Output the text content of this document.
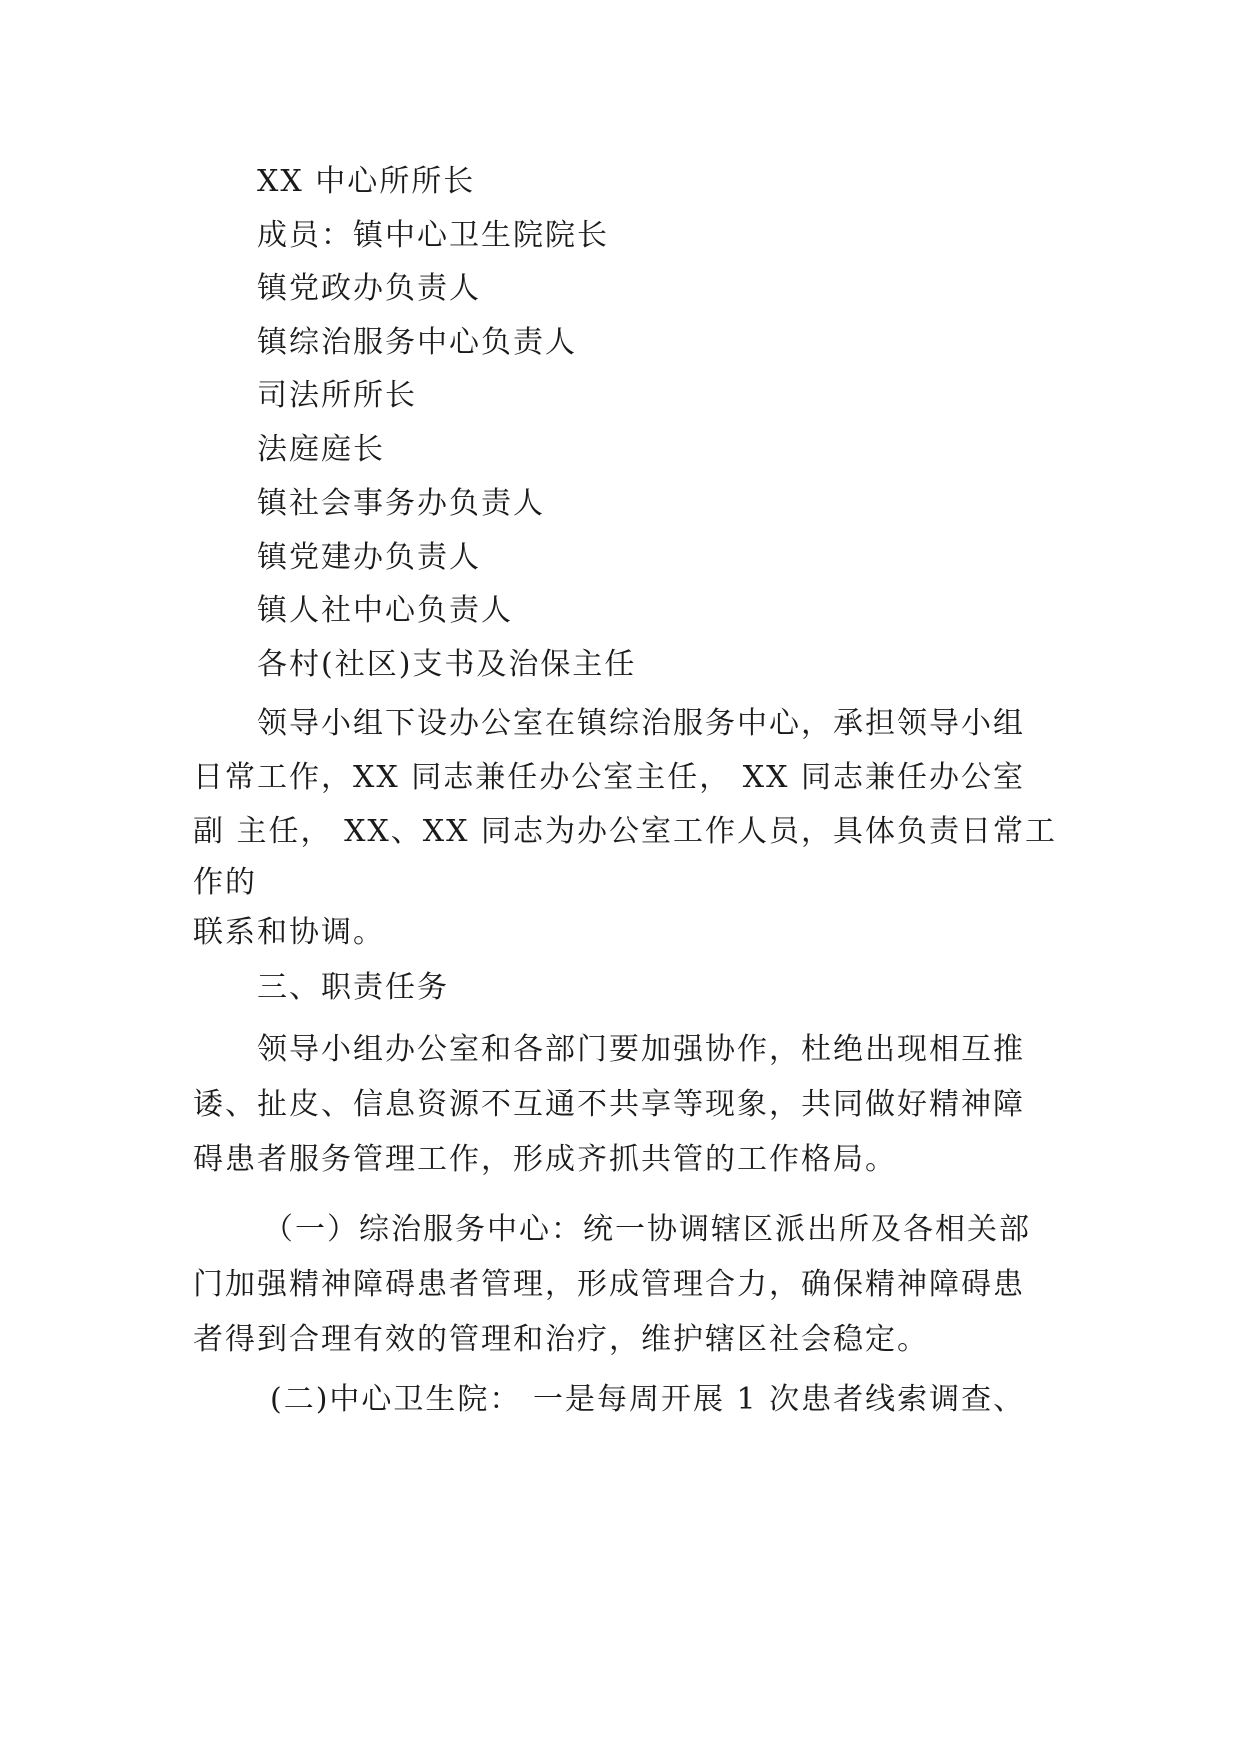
XX 中心所所长
成员：镇中心卫生院院长
镇党政办负责人
镇综治服务中心负责人
司法所所长
法庭庭长
镇社会事务办负责人
镇党建办负责人
镇人社中心负责人
各村(社区)支书及治保主任
领导小组下设办公室在镇综治服务中心，承担领导小组
日常工作，XX 同志兼任办公室主任， XX 同志兼任办公室
副 主任， XX、XX 同志为办公室工作人员，具体负责日常工
作的
联系和协调。
三、职责任务
领导小组办公室和各部门要加强协作，杜绝出现相互推
诿、扯皮、信息资源不互通不共享等现象，共同做好精神障
碍患者服务管理工作，形成齐抓共管的工作格局。
（一）综治服务中心：统一协调辖区派出所及各相关部
门加强精神障碍患者管理，形成管理合力，确保精神障碍患
者得到合理有效的管理和治疗，维护辖区社会稳定。
(二)中心卫生院： 一是每周开展 1 次患者线索调查、
